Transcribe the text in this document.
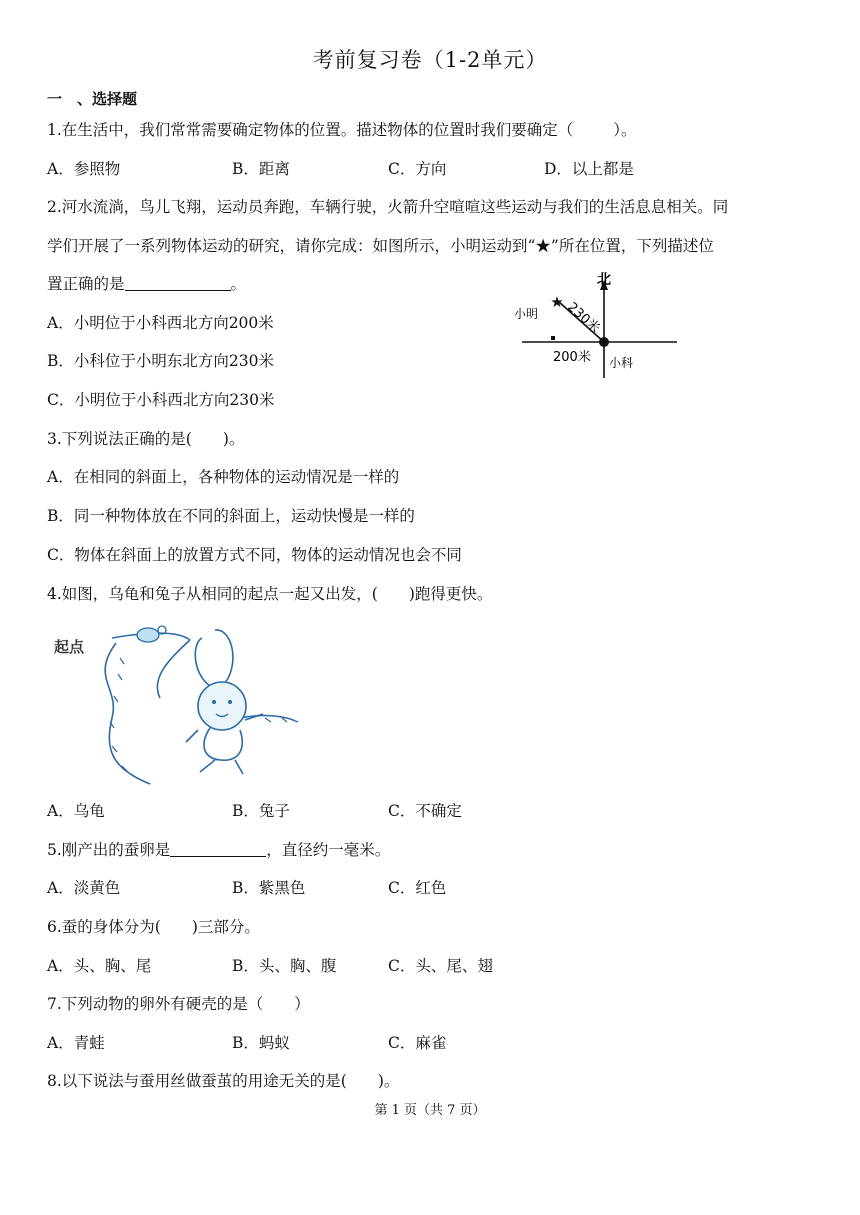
考前复习卷（1-2单元）
一　、选择题
1.在生活中，我们常常需要确定物体的位置。描述物体的位置时我们要确定（	）。
A．参照物	B．距离	C．方向	D．以上都是
2.河水流淌，鸟儿飞翔，运动员奔跑，车辆行驶，火箭升空喧喧这些运动与我们的生活息息相关。同
学们开展了一系列物体运动的研究，请你完成：如图所示，小明运动到“★”所在位置，下列描述位
置正确的是	。
A．小明位于小科西北方向200米
B．小科位于小明东北方向230米
C．小明位于小科西北方向230米
★
北
小明
小科
200米
230米
3.下列说法正确的是(　　)。
A．在相同的斜面上，各种物体的运动情况是一样的
B．同一种物体放在不同的斜面上，运动快慢是一样的
C．物体在斜面上的放置方式不同，物体的运动情况也会不同
4.如图，乌龟和兔子从相同的起点一起又出发，(　　)跑得更快。
起点
A．乌龟	B．兔子	C．不确定
5.刚产出的蚕卵是	，直径约一毫米。
A．淡黄色	B．紫黑色	C．红色
6.蚕的身体分为(　　)三部分。
A．头、胸、尾	B．头、胸、腹	C．头、尾、翅
7.下列动物的卵外有硬壳的是（　　）
A．青蛙	B．蚂蚁	C．麻雀
8.以下说法与蚕用丝做蚕茧的用途无关的是(　　)。
第 1 页（共 7 页）
